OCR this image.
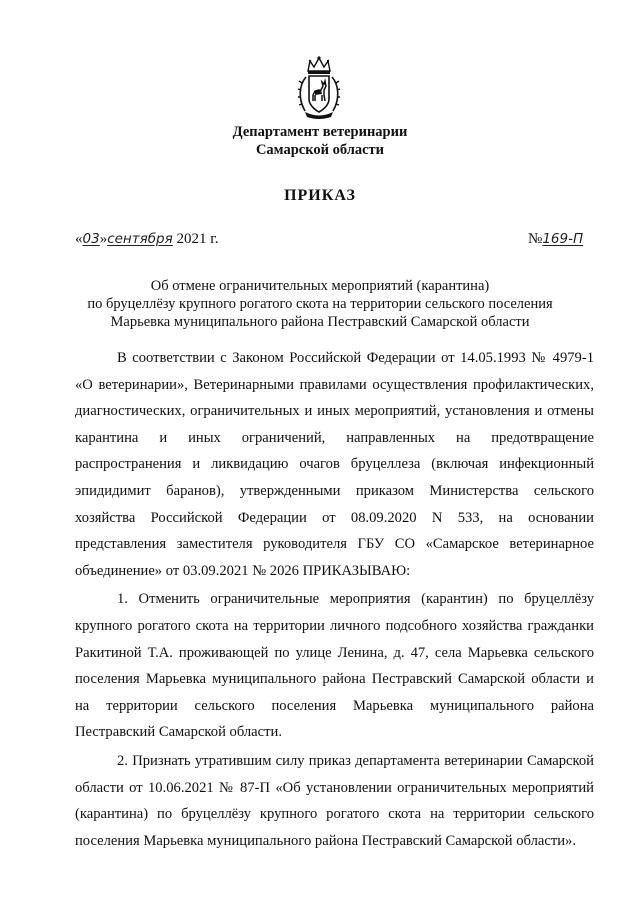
Департамент ветеринарии
Самарской области
ПРИКАЗ
«03»сентября 2021 г.	№169-П
Об отмене ограничительных мероприятий (карантина)
по бруцеллёзу крупного рогатого скота на территории сельского поселения
Марьевка муниципального района Пестравский Самарской области

В соответствии с Законом Российской Федерации от 14.05.1993 № 4979-1 «О ветеринарии», Ветеринарными правилами осуществления профилактических, диагностических, ограничительных и иных мероприятий, установления и отмены карантина и иных ограничений, направленных на предотвращение распространения и ликвидацию очагов бруцеллеза (включая инфекционный эпидидимит баранов), утвержденными приказом Министерства сельского хозяйства Российской Федерации от 08.09.2020 N 533, на основании представления заместителя руководителя ГБУ СО «Самарское ветеринарное объединение» от 03.09.2021 № 2026 ПРИКАЗЫВАЮ:

1. Отменить ограничительные мероприятия (карантин) по бруцеллёзу крупного рогатого скота на территории личного подсобного хозяйства гражданки Ракитиной Т.А. проживающей по улице Ленина, д. 47, села Марьевка сельского поселения Марьевка муниципального района Пестравский Самарской области и на территории сельского поселения Марьевка муниципального района Пестравский Самарской области.

2. Признать утратившим силу приказ департамента ветеринарии Самарской области от 10.06.2021 № 87-П «Об установлении ограничительных мероприятий (карантина) по бруцеллёзу крупного рогатого скота на территории сельского поселения Марьевка муниципального района Пестравский Самарской области».
